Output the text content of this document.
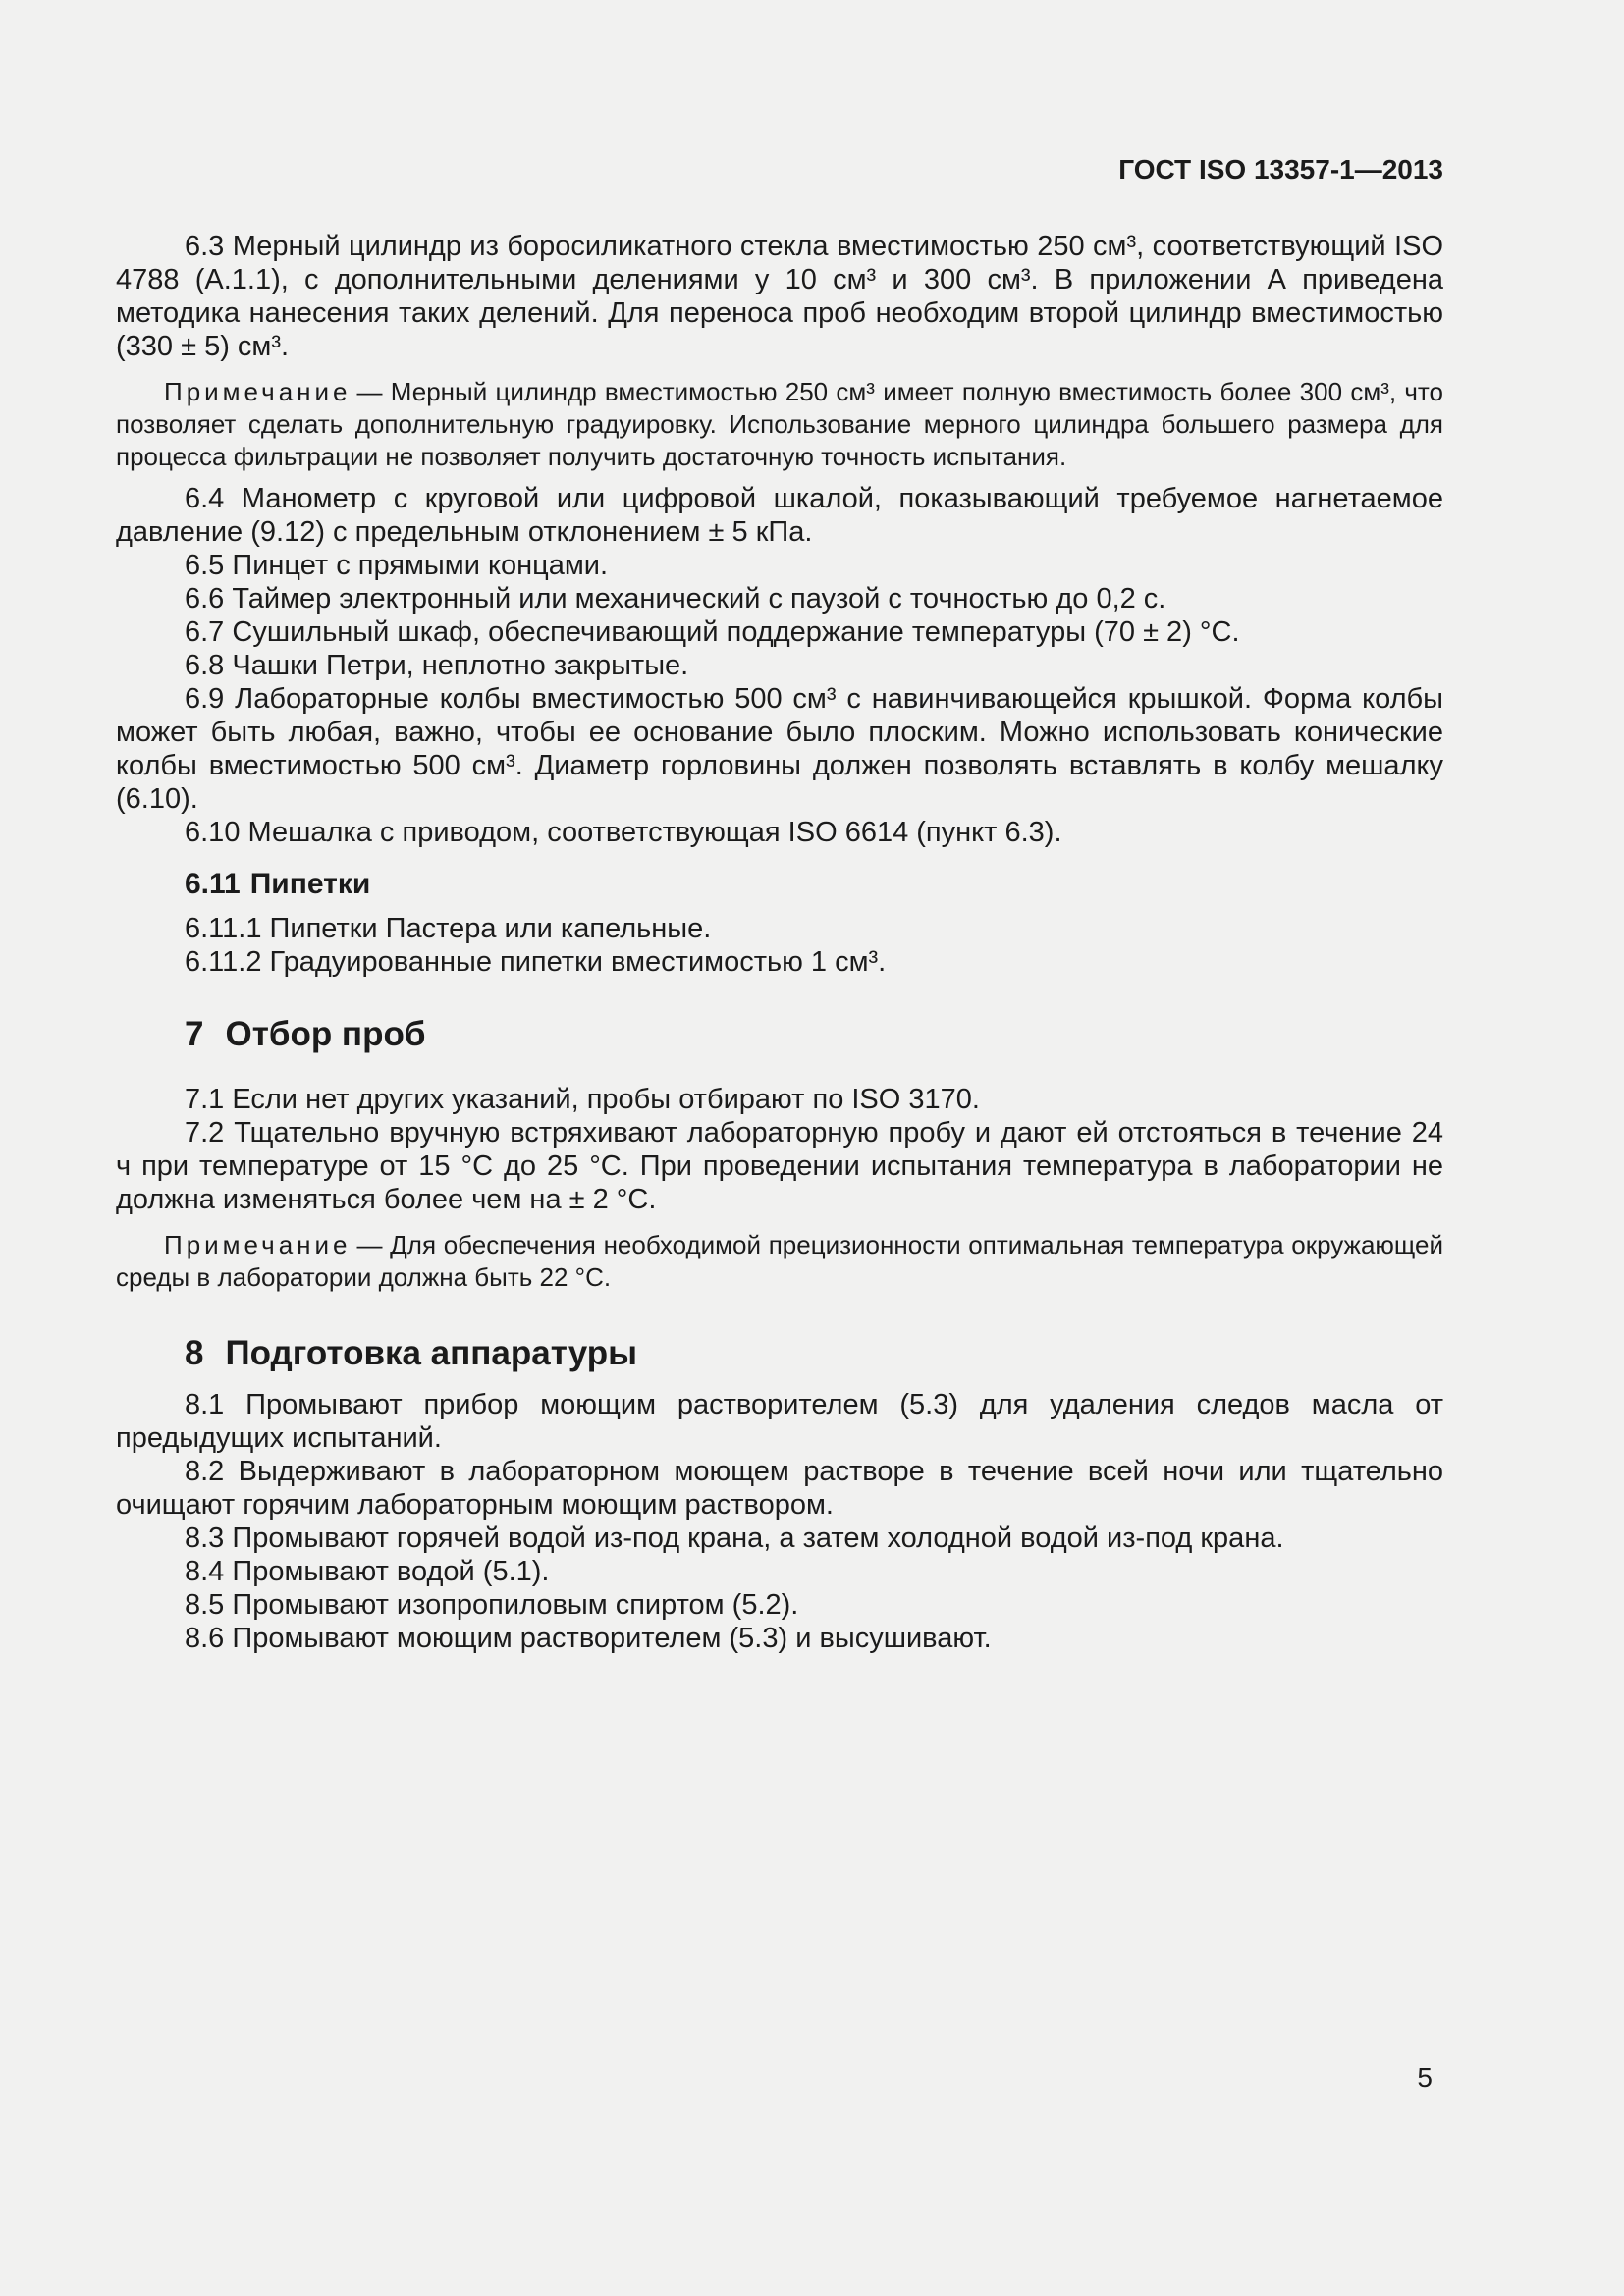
ГОСТ ISO 13357-1—2013

6.3 Мерный цилиндр из боросиликатного стекла вместимостью 250 см³, соответствующий ISO 4788 (А.1.1), с дополнительными делениями у 10 см³ и 300 см³. В приложении А приведена методика нанесения таких делений. Для переноса проб необходим второй цилиндр вместимостью (330 ± 5) см³.

Примечание — Мерный цилиндр вместимостью 250 см³ имеет полную вместимость более 300 см³, что позволяет сделать дополнительную градуировку. Использование мерного цилиндра большего размера для процесса фильтрации не позволяет получить достаточную точность испытания.

6.4 Манометр с круговой или цифровой шкалой, показывающий требуемое нагнетаемое давление (9.12) с предельным отклонением ± 5 кПа.

6.5 Пинцет с прямыми концами.

6.6 Таймер электронный или механический с паузой с точностью до 0,2 с.

6.7 Сушильный шкаф, обеспечивающий поддержание температуры (70 ± 2) °С.

6.8 Чашки Петри, неплотно закрытые.

6.9 Лабораторные колбы вместимостью 500 см³ с навинчивающейся крышкой. Форма колбы может быть любая, важно, чтобы ее основание было плоским. Можно использовать конические колбы вместимостью 500 см³. Диаметр горловины должен позволять вставлять в колбу мешалку (6.10).

6.10 Мешалка с приводом, соответствующая ISO 6614 (пункт 6.3).

6.11 Пипетки

6.11.1 Пипетки Пастера или капельные.

6.11.2 Градуированные пипетки вместимостью 1 см³.

7 Отбор проб

7.1 Если нет других указаний, пробы отбирают по ISO 3170.

7.2 Тщательно вручную встряхивают лабораторную пробу и дают ей отстояться в течение 24 ч при температуре от 15 °С до 25 °С. При проведении испытания температура в лаборатории не должна изменяться более чем на ± 2 °С.

Примечание — Для обеспечения необходимой прецизионности оптимальная температура окружающей среды в лаборатории должна быть 22 °С.

8 Подготовка аппаратуры

8.1 Промывают прибор моющим растворителем (5.3) для удаления следов масла от предыдущих испытаний.

8.2 Выдерживают в лабораторном моющем растворе в течение всей ночи или тщательно очищают горячим лабораторным моющим раствором.

8.3 Промывают горячей водой из-под крана, а затем холодной водой из-под крана.

8.4 Промывают водой (5.1).

8.5 Промывают изопропиловым спиртом (5.2).

8.6 Промывают моющим растворителем (5.3) и высушивают.

5
